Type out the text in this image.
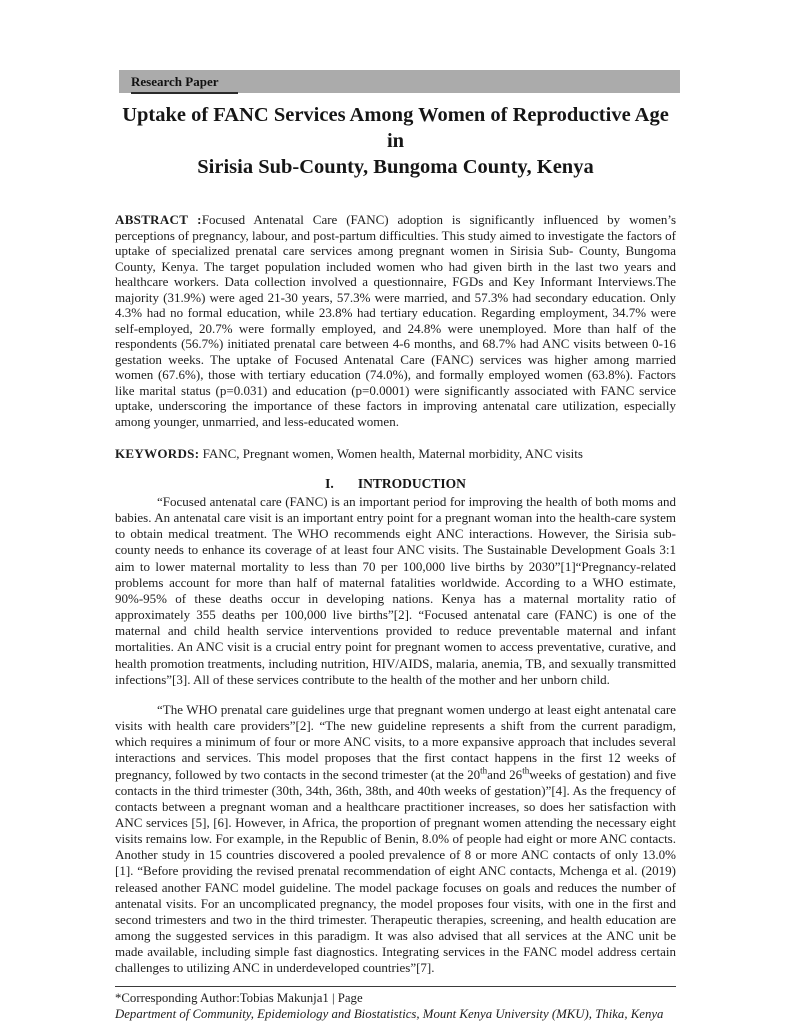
Research Paper
Uptake of FANC Services Among Women of Reproductive Age in
Sirisia Sub-County, Bungoma County, Kenya

ABSTRACT :Focused Antenatal Care (FANC) adoption is significantly influenced by women’s perceptions of pregnancy, labour, and post-partum difficulties. This study aimed to investigate the factors of uptake of specialized prenatal care services among pregnant women in Sirisia Sub- County, Bungoma County, Kenya. The target population included women who had given birth in the last two years and healthcare workers. Data collection involved a questionnaire, FGDs and Key Informant Interviews.The majority (31.9%) were aged 21-30 years, 57.3% were married, and 57.3% had secondary education. Only 4.3% had no formal education, while 23.8% had tertiary education. Regarding employment, 34.7% were self-employed, 20.7% were formally employed, and 24.8% were unemployed. More than half of the respondents (56.7%) initiated prenatal care between 4-6 months, and 68.7% had ANC visits between 0-16 gestation weeks. The uptake of Focused Antenatal Care (FANC) services was higher among married women (67.6%), those with tertiary education (74.0%), and formally employed women (63.8%). Factors like marital status (p=0.031) and education (p=0.0001) were significantly associated with FANC service uptake, underscoring the importance of these factors in improving antenatal care utilization, especially among younger, unmarried, and less-educated women.

KEYWORDS: FANC, Pregnant women, Women health, Maternal morbidity, ANC visits

I. INTRODUCTION

“Focused antenatal care (FANC) is an important period for improving the health of both moms and babies. An antenatal care visit is an important entry point for a pregnant woman into the health-care system to obtain medical treatment. The WHO recommends eight ANC interactions. However, the Sirisia sub-county needs to enhance its coverage of at least four ANC visits. The Sustainable Development Goals 3:1 aim to lower maternal mortality to less than 70 per 100,000 live births by 2030”[1]“Pregnancy-related problems account for more than half of maternal fatalities worldwide. According to a WHO estimate, 90%-95% of these deaths occur in developing nations. Kenya has a maternal mortality ratio of approximately 355 deaths per 100,000 live births”[2]. “Focused antenatal care (FANC) is one of the maternal and child health service interventions provided to reduce preventable maternal and infant mortalities. An ANC visit is a crucial entry point for pregnant women to access preventative, curative, and health promotion treatments, including nutrition, HIV/AIDS, malaria, anemia, TB, and sexually transmitted infections”[3]. All of these services contribute to the health of the mother and her unborn child.

“The WHO prenatal care guidelines urge that pregnant women undergo at least eight antenatal care visits with health care providers”[2]. “The new guideline represents a shift from the current paradigm, which requires a minimum of four or more ANC visits, to a more expansive approach that includes several interactions and services. This model proposes that the first contact happens in the first 12 weeks of pregnancy, followed by two contacts in the second trimester (at the 20thand 26thweeks of gestation) and five contacts in the third trimester (30th, 34th, 36th, 38th, and 40th weeks of gestation)”[4]. As the frequency of contacts between a pregnant woman and a healthcare practitioner increases, so does her satisfaction with ANC services [5], [6]. However, in Africa, the proportion of pregnant women attending the necessary eight visits remains low. For example, in the Republic of Benin, 8.0% of people had eight or more ANC contacts. Another study in 15 countries discovered a pooled prevalence of 8 or more ANC contacts of only 13.0% [1]. “Before providing the revised prenatal recommendation of eight ANC contacts, Mchenga et al. (2019) released another FANC model guideline. The model package focuses on goals and reduces the number of antenatal visits. For an uncomplicated pregnancy, the model proposes four visits, with one in the first and second trimesters and two in the third trimester. Therapeutic therapies, screening, and health education are among the suggested services in this paradigm. It was also advised that all services at the ANC unit be made available, including simple fast diagnostics. Integrating services in the FANC model address certain challenges to utilizing ANC in underdeveloped countries”[7].

*Corresponding Author:Tobias Makunja1 | Page
Department of Community, Epidemiology and Biostatistics, Mount Kenya University (MKU), Thika, Kenya
